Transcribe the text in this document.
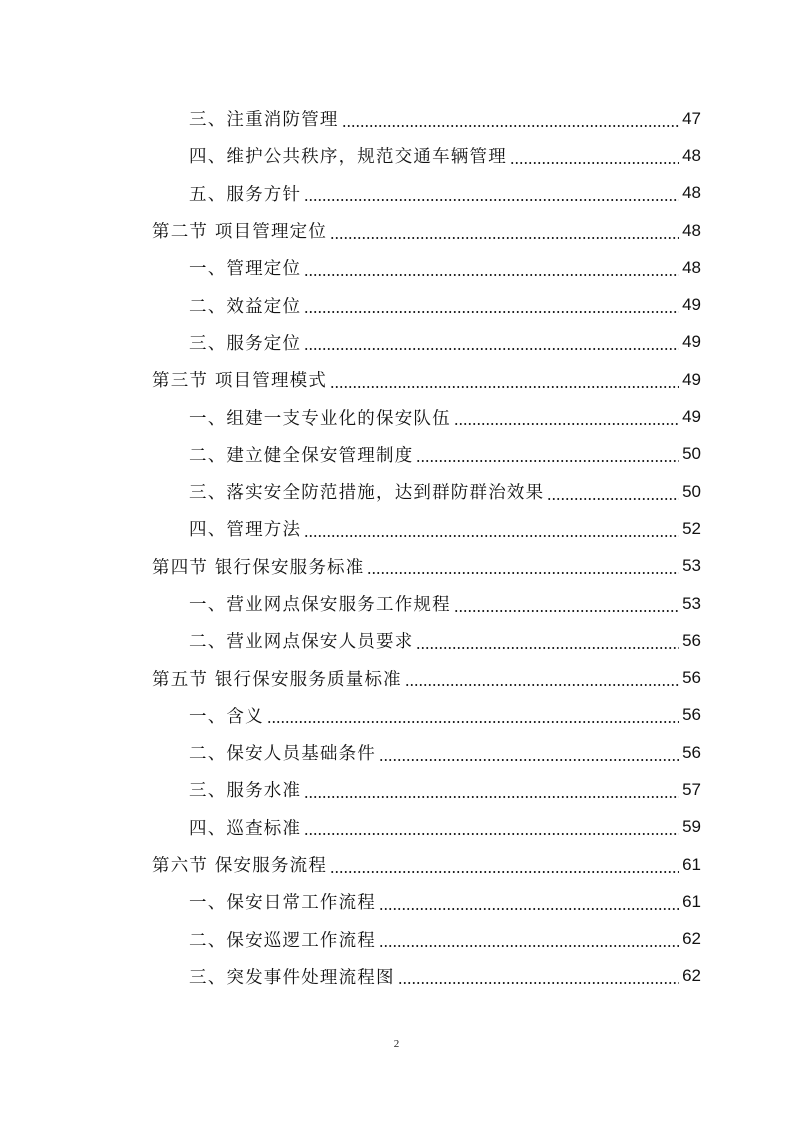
三、注重消防管理	47
四、维护公共秩序，规范交通车辆管理	48
五、服务方针	48
第二节 项目管理定位	48
一、管理定位	48
二、效益定位	49
三、服务定位	49
第三节 项目管理模式	49
一、组建一支专业化的保安队伍	49
二、建立健全保安管理制度	50
三、落实安全防范措施，达到群防群治效果	50
四、管理方法	52
第四节 银行保安服务标准	53
一、营业网点保安服务工作规程	53
二、营业网点保安人员要求	56
第五节 银行保安服务质量标准	56
一、含义	56
二、保安人员基础条件	56
三、服务水准	57
四、巡查标准	59
第六节 保安服务流程	61
一、保安日常工作流程	61
二、保安巡逻工作流程	62
三、突发事件处理流程图	62
2
